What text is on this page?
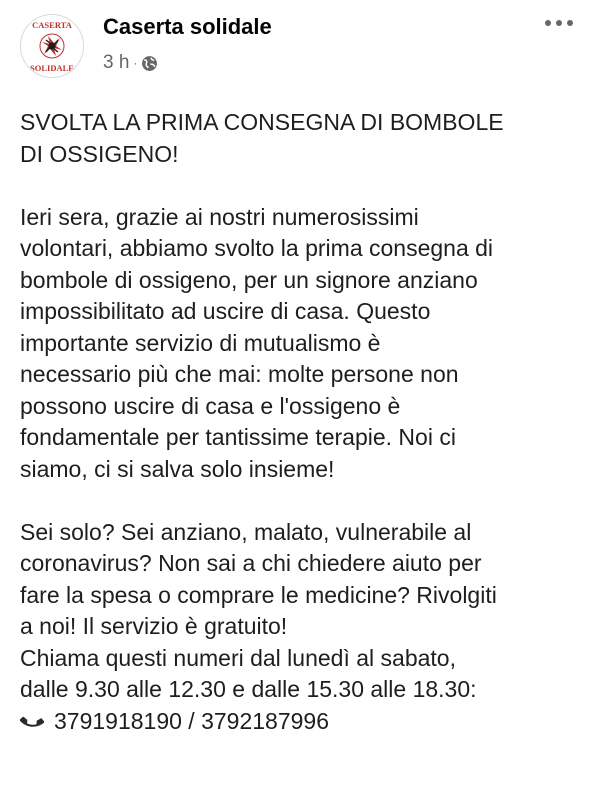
CASERTA
SOLIDALE
Caserta solidale
3 h ·

SVOLTA LA PRIMA CONSEGNA DI BOMBOLE

DI OSSIGENO!

Ieri sera, grazie ai nostri numerosissimi

volontari, abbiamo svolto la prima consegna di

bombole di ossigeno, per un signore anziano

impossibilitato ad uscire di casa. Questo

importante servizio di mutualismo è

necessario più che mai: molte persone non

possono uscire di casa e l'ossigeno è

fondamentale per tantissime terapie. Noi ci

siamo, ci si salva solo insieme!

Sei solo? Sei anziano, malato, vulnerabile al

coronavirus? Non sai a chi chiedere aiuto per

fare la spesa o comprare le medicine? Rivolgiti

a noi! Il servizio è gratuito!

Chiama questi numeri dal lunedì al sabato,

dalle 9.30 alle 12.30 e dalle 15.30 alle 18.30:

3791918190 / 3792187996
